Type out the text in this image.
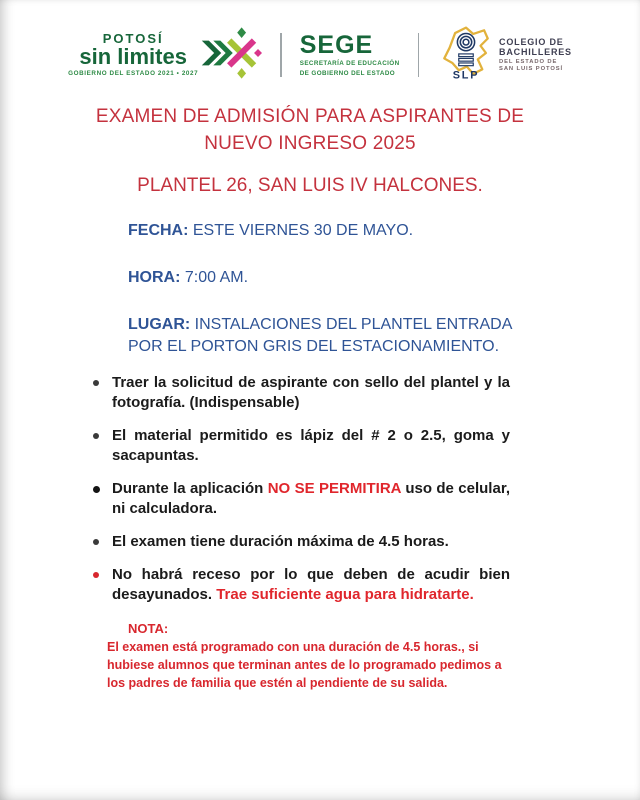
POTOSÍ
sin limites
GOBIERNO DEL ESTADO 2021 • 2027
SEGE
SECRETARÍA DE EDUCACIÓN
DE GOBIERNO DEL ESTADO	SLP
COLEGIO DE
BACHILLERES
DEL ESTADO DE
SAN LUIS POTOSÍ
EXAMEN DE ADMISIÓN PARA ASPIRANTES DE
NUEVO INGRESO 2025
PLANTEL 26, SAN LUIS IV HALCONES.
FECHA: ESTE VIERNES 30 DE MAYO.
HORA: 7:00 AM.
LUGAR: INSTALACIONES DEL PLANTEL ENTRADA
POR EL PORTON GRIS DEL ESTACIONAMIENTO.
Traer la solicitud de aspirante con sello del plantel y la fotografía. (Indispensable)
El material permitido es lápiz del # 2 o 2.5, goma y sacapuntas.
Durante la aplicación NO SE PERMITIRA uso de celular, ni calculadora.
El examen tiene duración máxima de 4.5 horas.
No habrá receso por lo que deben de acudir bien desayunados. Trae suficiente agua para hidratarte.
NOTA:
El examen está programado con una duración de 4.5 horas., si hubiese alumnos que terminan antes de lo programado pedimos a los padres de familia que estén al pendiente de su salida.
